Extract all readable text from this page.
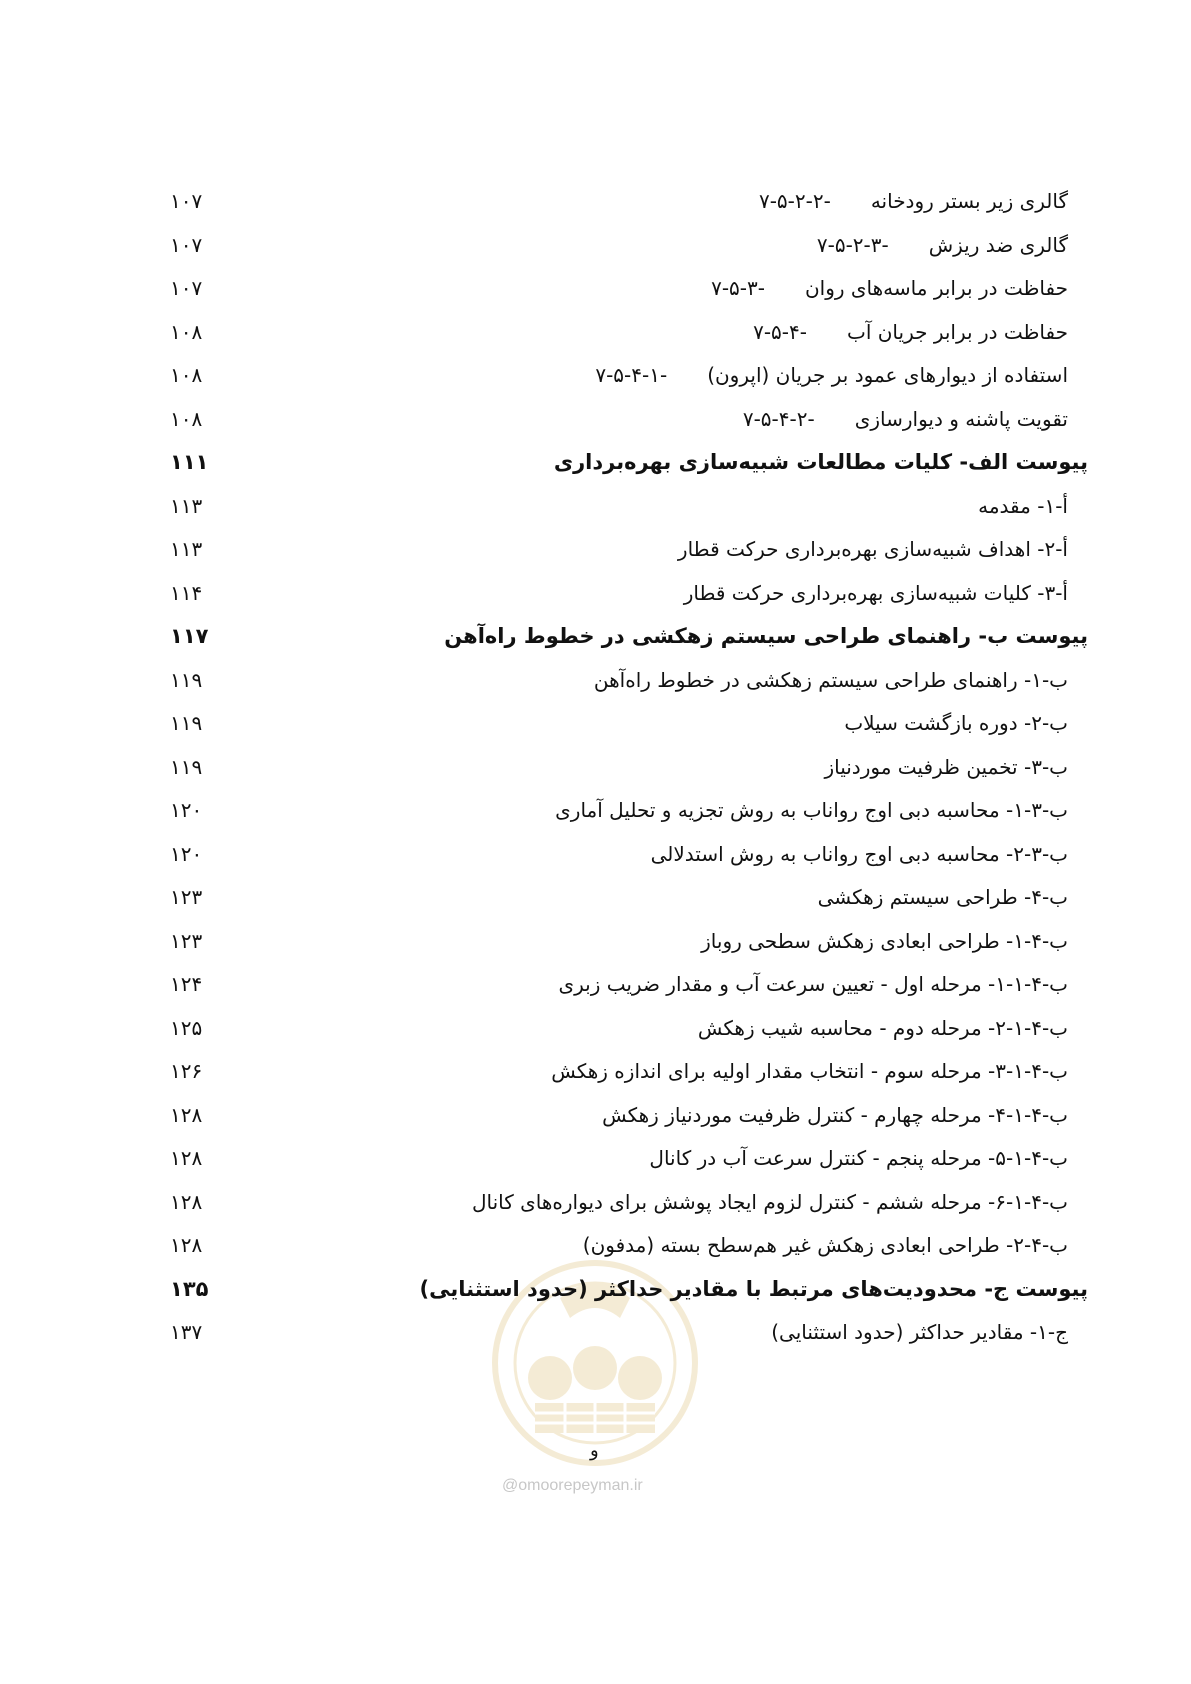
-۷-۵-۲-۲ گالری زیر بستر رودخانه
۱۰۷
-۷-۵-۲-۳ گالری ضد ریزش
۱۰۷
-۷-۵-۳ حفاظت در برابر ماسه‌های روان
۱۰۷
-۷-۵-۴ حفاظت در برابر جریان آب
۱۰۸
-۷-۵-۴-۱ استفاده از دیوارهای عمود بر جریان (اپرون)
۱۰۸
-۷-۵-۴-۲ تقویت پاشنه و دیوارسازی
۱۰۸
پیوست الف- کلیات مطالعات شبیه‌سازی بهره‌برداری
۱۱۱
أ-۱- مقدمه
۱۱۳
أ-۲- اهداف شبیه‌سازی بهره‌برداری حرکت قطار
۱۱۳
أ-۳- کلیات شبیه‌سازی بهره‌برداری حرکت قطار
۱۱۴
پیوست ب- راهنمای طراحی سیستم زهکشی در خطوط راه‌آهن
۱۱۷
ب-۱- راهنمای طراحی سیستم زهکشی در خطوط راه‌آهن
۱۱۹
ب-۲- دوره بازگشت سیلاب
۱۱۹
ب-۳- تخمین ظرفیت موردنیاز
۱۱۹
ب-۳-۱- محاسبه دبی اوج رواناب به روش تجزیه و تحلیل آماری
۱۲۰
ب-۳-۲- محاسبه دبی اوج رواناب به روش استدلالی
۱۲۰
ب-۴- طراحی سیستم زهکشی
۱۲۳
ب-۴-۱- طراحی ابعادی زهکش سطحی روباز
۱۲۳
ب-۴-۱-۱- مرحله اول - تعیین سرعت آب و مقدار ضریب زبری
۱۲۴
ب-۴-۱-۲- مرحله دوم - محاسبه شیب زهکش
۱۲۵
ب-۴-۱-۳- مرحله سوم - انتخاب مقدار اولیه برای اندازه زهکش
۱۲۶
ب-۴-۱-۴- مرحله چهارم - کنترل ظرفیت موردنیاز زهکش
۱۲۸
ب-۴-۱-۵- مرحله پنجم - کنترل سرعت آب در کانال
۱۲۸
ب-۴-۱-۶- مرحله ششم - کنترل لزوم ایجاد پوشش برای دیواره‌های کانال
۱۲۸
ب-۴-۲- طراحی ابعادی زهکش غیر هم‌سطح بسته (مدفون)
۱۲۸
پیوست ج- محدودیت‌های مرتبط با مقادیر حداکثر (حدود استثنایی)
۱۳۵
ج-۱- مقادیر حداکثر (حدود استثنایی)
۱۳۷
و
@omoorepeyman.ir
